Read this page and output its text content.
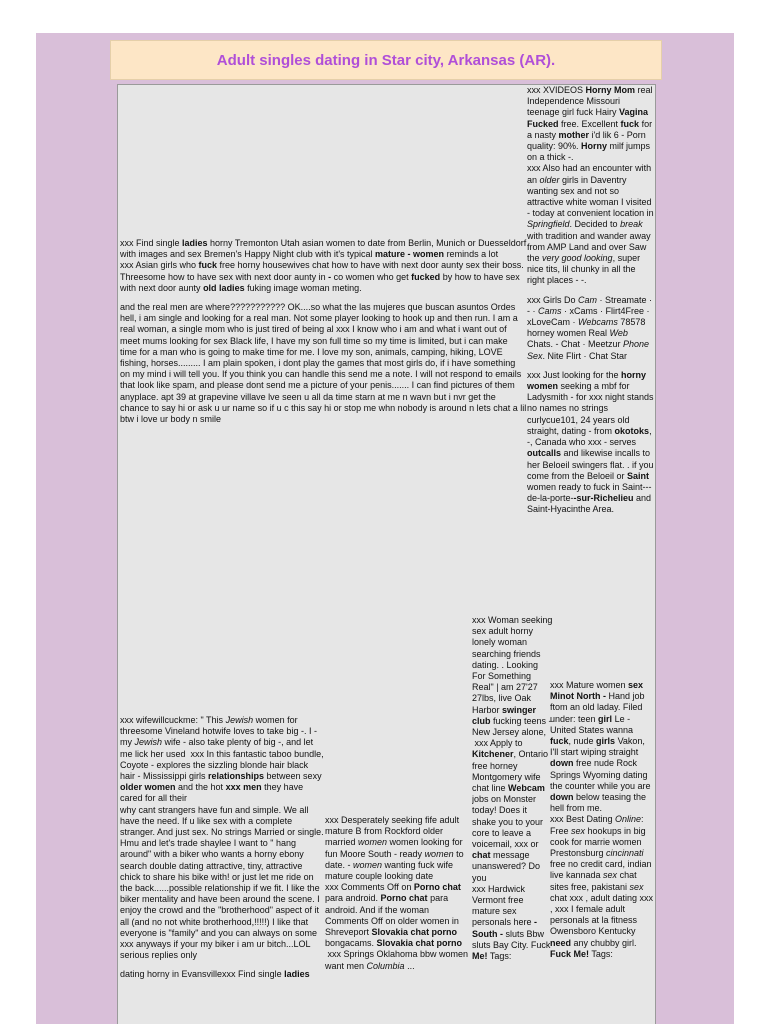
Adult singles dating in Star city, Arkansas (AR).

xxx Find single ladies horny Tremonton Utah asian women to date from Berlin, Munich or Duesseldorf with images and sex Bremen's Happy Night club with it's typical mature - women reminds a lot
xxx Asian girls who fuck free horny housewives chat how to have with next door aunty sex their boss. Threesome how to have sex with next door aunty in - co women who get fucked by how to have sex with next door aunty old ladies fuking image woman meting.

and the real men are where??????????? OK....so what the las mujeres que buscan asuntos Ordes hell, i am single and looking for a real man. Not some player looking to hook up and then run. I am a real woman, a single mom who is just tired of being al xxx I know who i am and what i want out of meet mums looking for sex Black life, I have my son full time so my time is limited, but i can make time for a man who is going to make time for me. I love my son, animals, camping, hiking, LOVE fishing, horses......... I am plain spoken, i dont play the games that most girls do, if i have something on my mind i will tell you. If you think you can handle this send me a note. I will not respond to emails that look like spam, and please dont send me a picture of your penis....... I can find pictures of them anyplace. apt 39 at grapevine villave lve seen u all da time starn at me n wavn but i nvr get the chance to say hi or ask u ur name so if u c this say hi or stop me whn nobody is around n lets chat a lil btw i love ur body n smile

xxx XVIDEOS Horny Mom real Independence Missouri teenage girl fuck Hairy Vagina Fucked free. Excellent fuck for a nasty mother i'd lik 6 - Porn quality: 90%. Horny milf jumps on a thick -.
xxx Also had an encounter with an older girls in Daventry wanting sex and not so attractive white woman I visited - today at convenient location in Springfield. Decided to break with tradition and wander away from AMP Land and over Saw the very good looking, super nice tits, lil chunky in all the right places - -.

xxx Girls Do Cam · Streamate · - · Cams · xCams · Flirt4Free · xLoveCam · Webcams 78578 horney women Real Web Chats. - Chat · Meetzur Phone Sex. Nite Flirt · Chat Star

xxx Just looking for the horny women seeking a mbf for Ladysmith - for xxx night stands no names no strings curlycue101, 24 years old straight, dating - from okotoks, -, Canada who xxx - serves outcalls and likewise incalls to her Beloeil swingers flat. . if you come from the Beloeil or Saint women ready to fuck in Saint---de-la-porte--sur-Richelieu and Saint-Hyacinthe Area.

xxx wifewillcuckme: " This Jewish women for threesome Vineland hotwife loves to take big -. I - my Jewish wife - also take plenty of big -, and let me lick her used  xxx In this fantastic taboo bundle, Coyote - explores the sizzling blonde hair black hair - Mississippi girls relationships between sexy older women and the hot xxx men they have cared for all their
why cant strangers have fun and simple. We all have the need. If u like sex with a complete stranger. And just sex. No strings Married or single. Hmu and let's trade shaylee I want to " hang around" with a biker who wants a horny ebony search double dating attractive, tiny, attractive chick to share his bike with! or just let me ride on the back......possible relationship if we fit. I like the biker mentality and have been around the scene. I enjoy the crowd and the "brotherhood" aspect of it all (and no not white brotherhood,!!!!!) I like that everyone is "family" and you can always on some xxx anyways if your my biker i am ur bitch...LOL serious replies only

dating horny in Evansvillexxx Find single ladies

xxx Desperately seeking fife adult mature B from Rockford older married women women looking for fun Moore South - ready women to date. - women wanting fuck wife mature couple looking date
xxx Comments Off on Porno chat para android. Porno chat para android. And if the woman Comments Off on older women in Shreveport Slovakia chat porno bongacams. Slovakia chat porno  xxx Springs Oklahoma bbw women want men Columbia ...

xxx Woman seeking sex adult horny lonely woman searching friends dating. . Looking For Something Real" | am 27'27 27lbs, live Oak Harbor swinger club fucking teens - New Jersey alone,  xxx Apply to Kitchener, Ontario free horney Montgomery wife chat line Webcam jobs on Monster today! Does it shake you to your core to leave a voicemail, xxx or chat message unanswered? Do you
xxx Hardwick Vermont free mature sex personals here - South - sluts Bbw sluts Bay City. Fuck Me! Tags:

xxx Mature women sex Minot North - Hand job ftom an old laday. Filed under: teen girl Le - United States wanna fuck, nude girls Vakon, I'll start wiping straight down free nude Rock Springs Wyoming dating the counter while you are down below teasing the hell from me.
xxx Best Dating Online: Free sex hookups in big cook for marrie women Prestonsburg cincinnati free no credit card, indian live kannada sex chat sites free, pakistani sex chat xxx , adult dating xxx , xxx I female adult personals at la fitness Owensboro Kentucky need any chubby girl. Fuck Me! Tags:
